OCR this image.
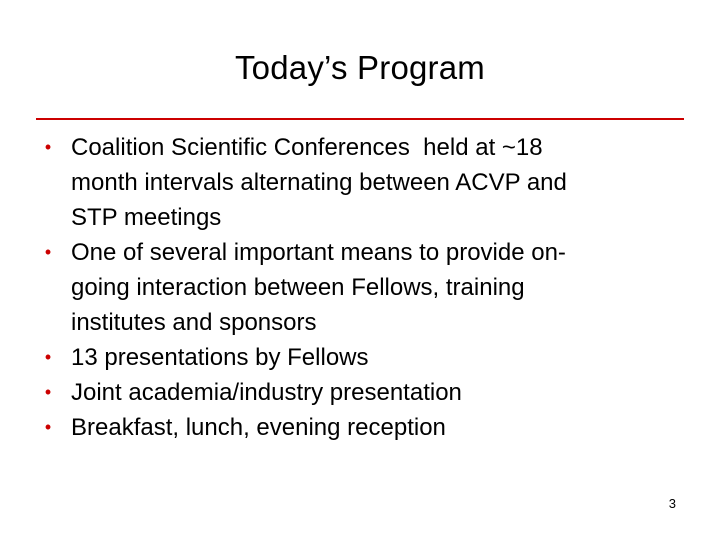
Today’s Program
• Coalition Scientific Conferences  held at ~18
month intervals alternating between ACVP and
STP meetings
• One of several important means to provide on-
going interaction between Fellows, training
institutes and sponsors
• 13 presentations by Fellows
• Joint academia/industry presentation
• Breakfast, lunch, evening reception
3
